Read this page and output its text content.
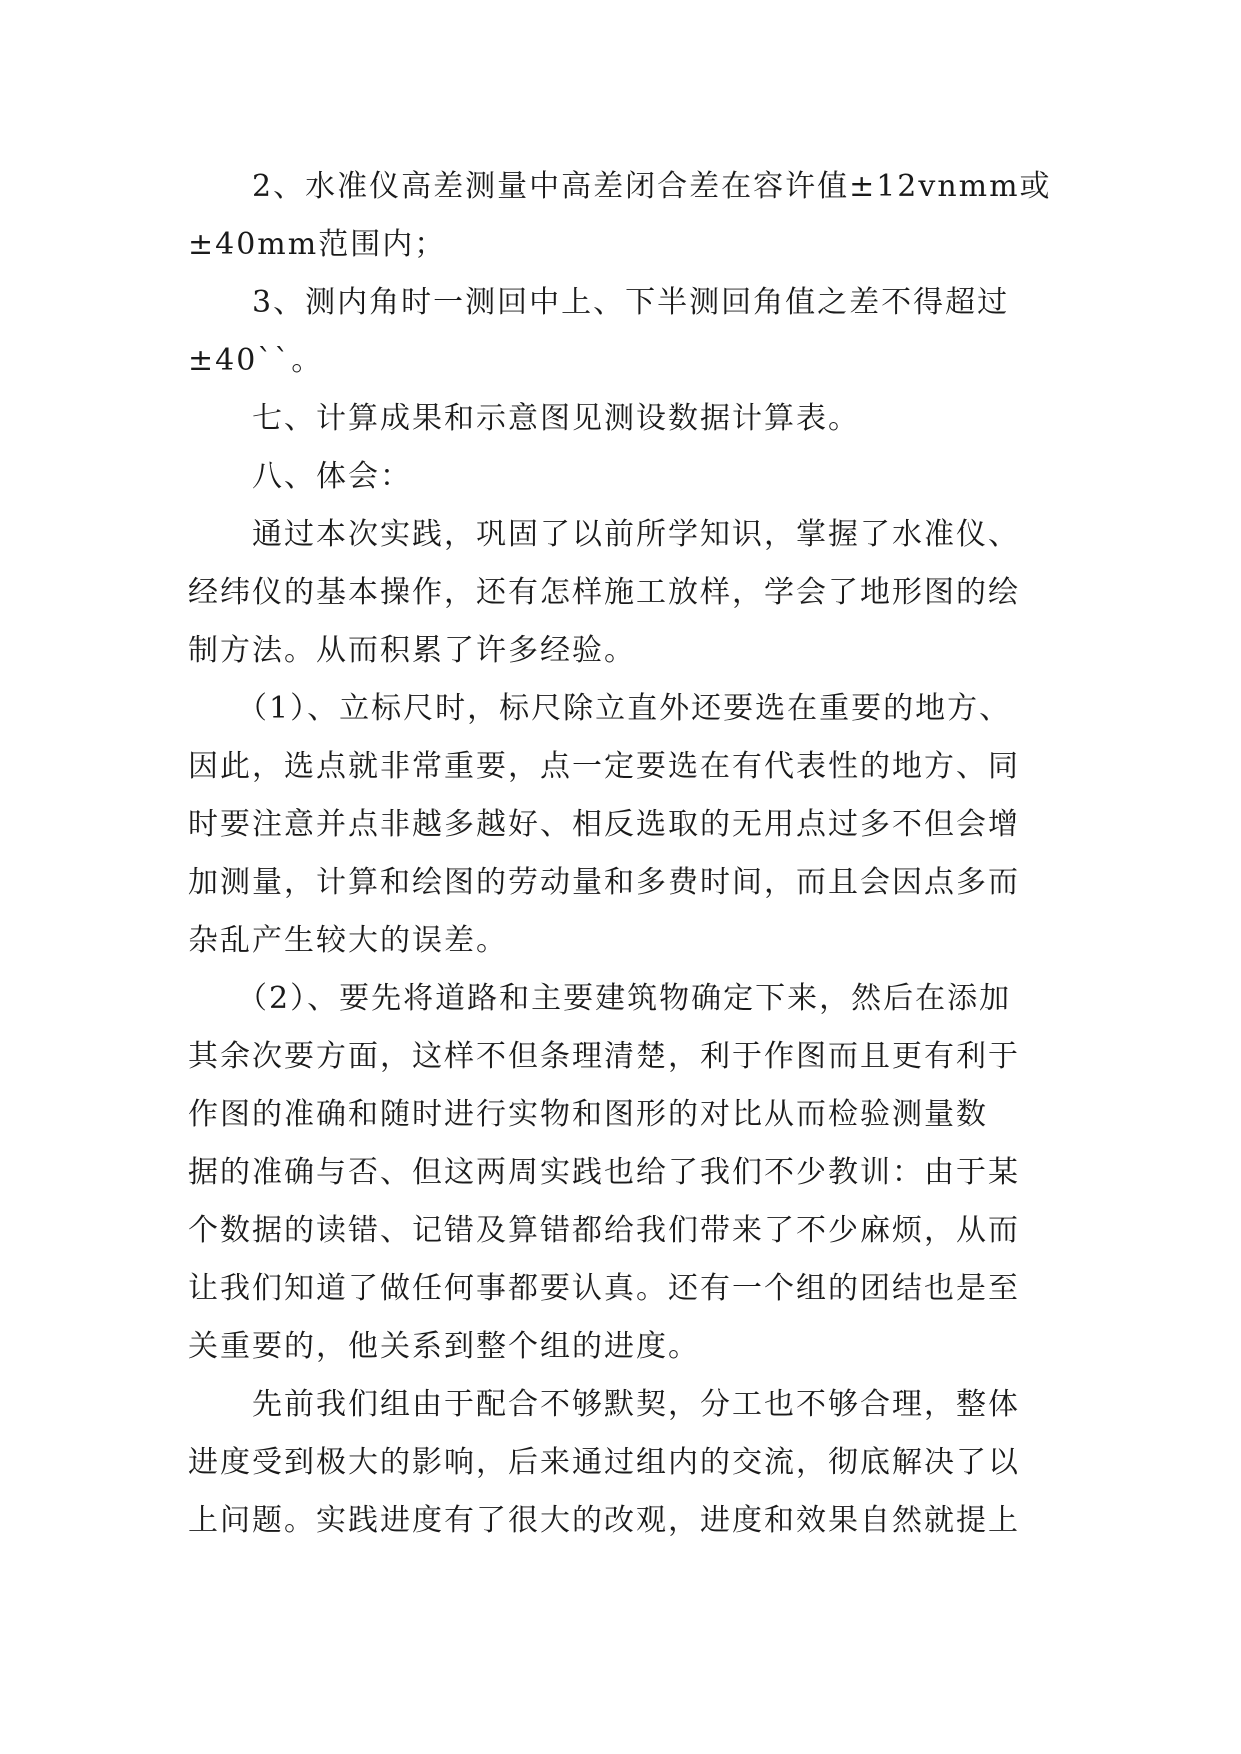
　　2、水准仪高差测量中高差闭合差在容许值±12vnmm或
±40mm范围内；
　　3、测内角时一测回中上、下半测回角值之差不得超过
±40``。
　　七、计算成果和示意图见测设数据计算表。
　　八、体会：
　　通过本次实践，巩固了以前所学知识，掌握了水准仪、
经纬仪的基本操作，还有怎样施工放样，学会了地形图的绘
制方法。从而积累了许多经验。
　　（1）、立标尺时，标尺除立直外还要选在重要的地方、
因此，选点就非常重要，点一定要选在有代表性的地方、同
时要注意并点非越多越好、相反选取的无用点过多不但会增
加测量，计算和绘图的劳动量和多费时间，而且会因点多而
杂乱产生较大的误差。
　　（2）、要先将道路和主要建筑物确定下来，然后在添加
其余次要方面，这样不但条理清楚，利于作图而且更有利于
作图的准确和随时进行实物和图形的对比从而检验测量数
据的准确与否、但这两周实践也给了我们不少教训：由于某
个数据的读错、记错及算错都给我们带来了不少麻烦，从而
让我们知道了做任何事都要认真。还有一个组的团结也是至
关重要的，他关系到整个组的进度。
　　先前我们组由于配合不够默契，分工也不够合理，整体
进度受到极大的影响，后来通过组内的交流，彻底解决了以
上问题。实践进度有了很大的改观，进度和效果自然就提上
